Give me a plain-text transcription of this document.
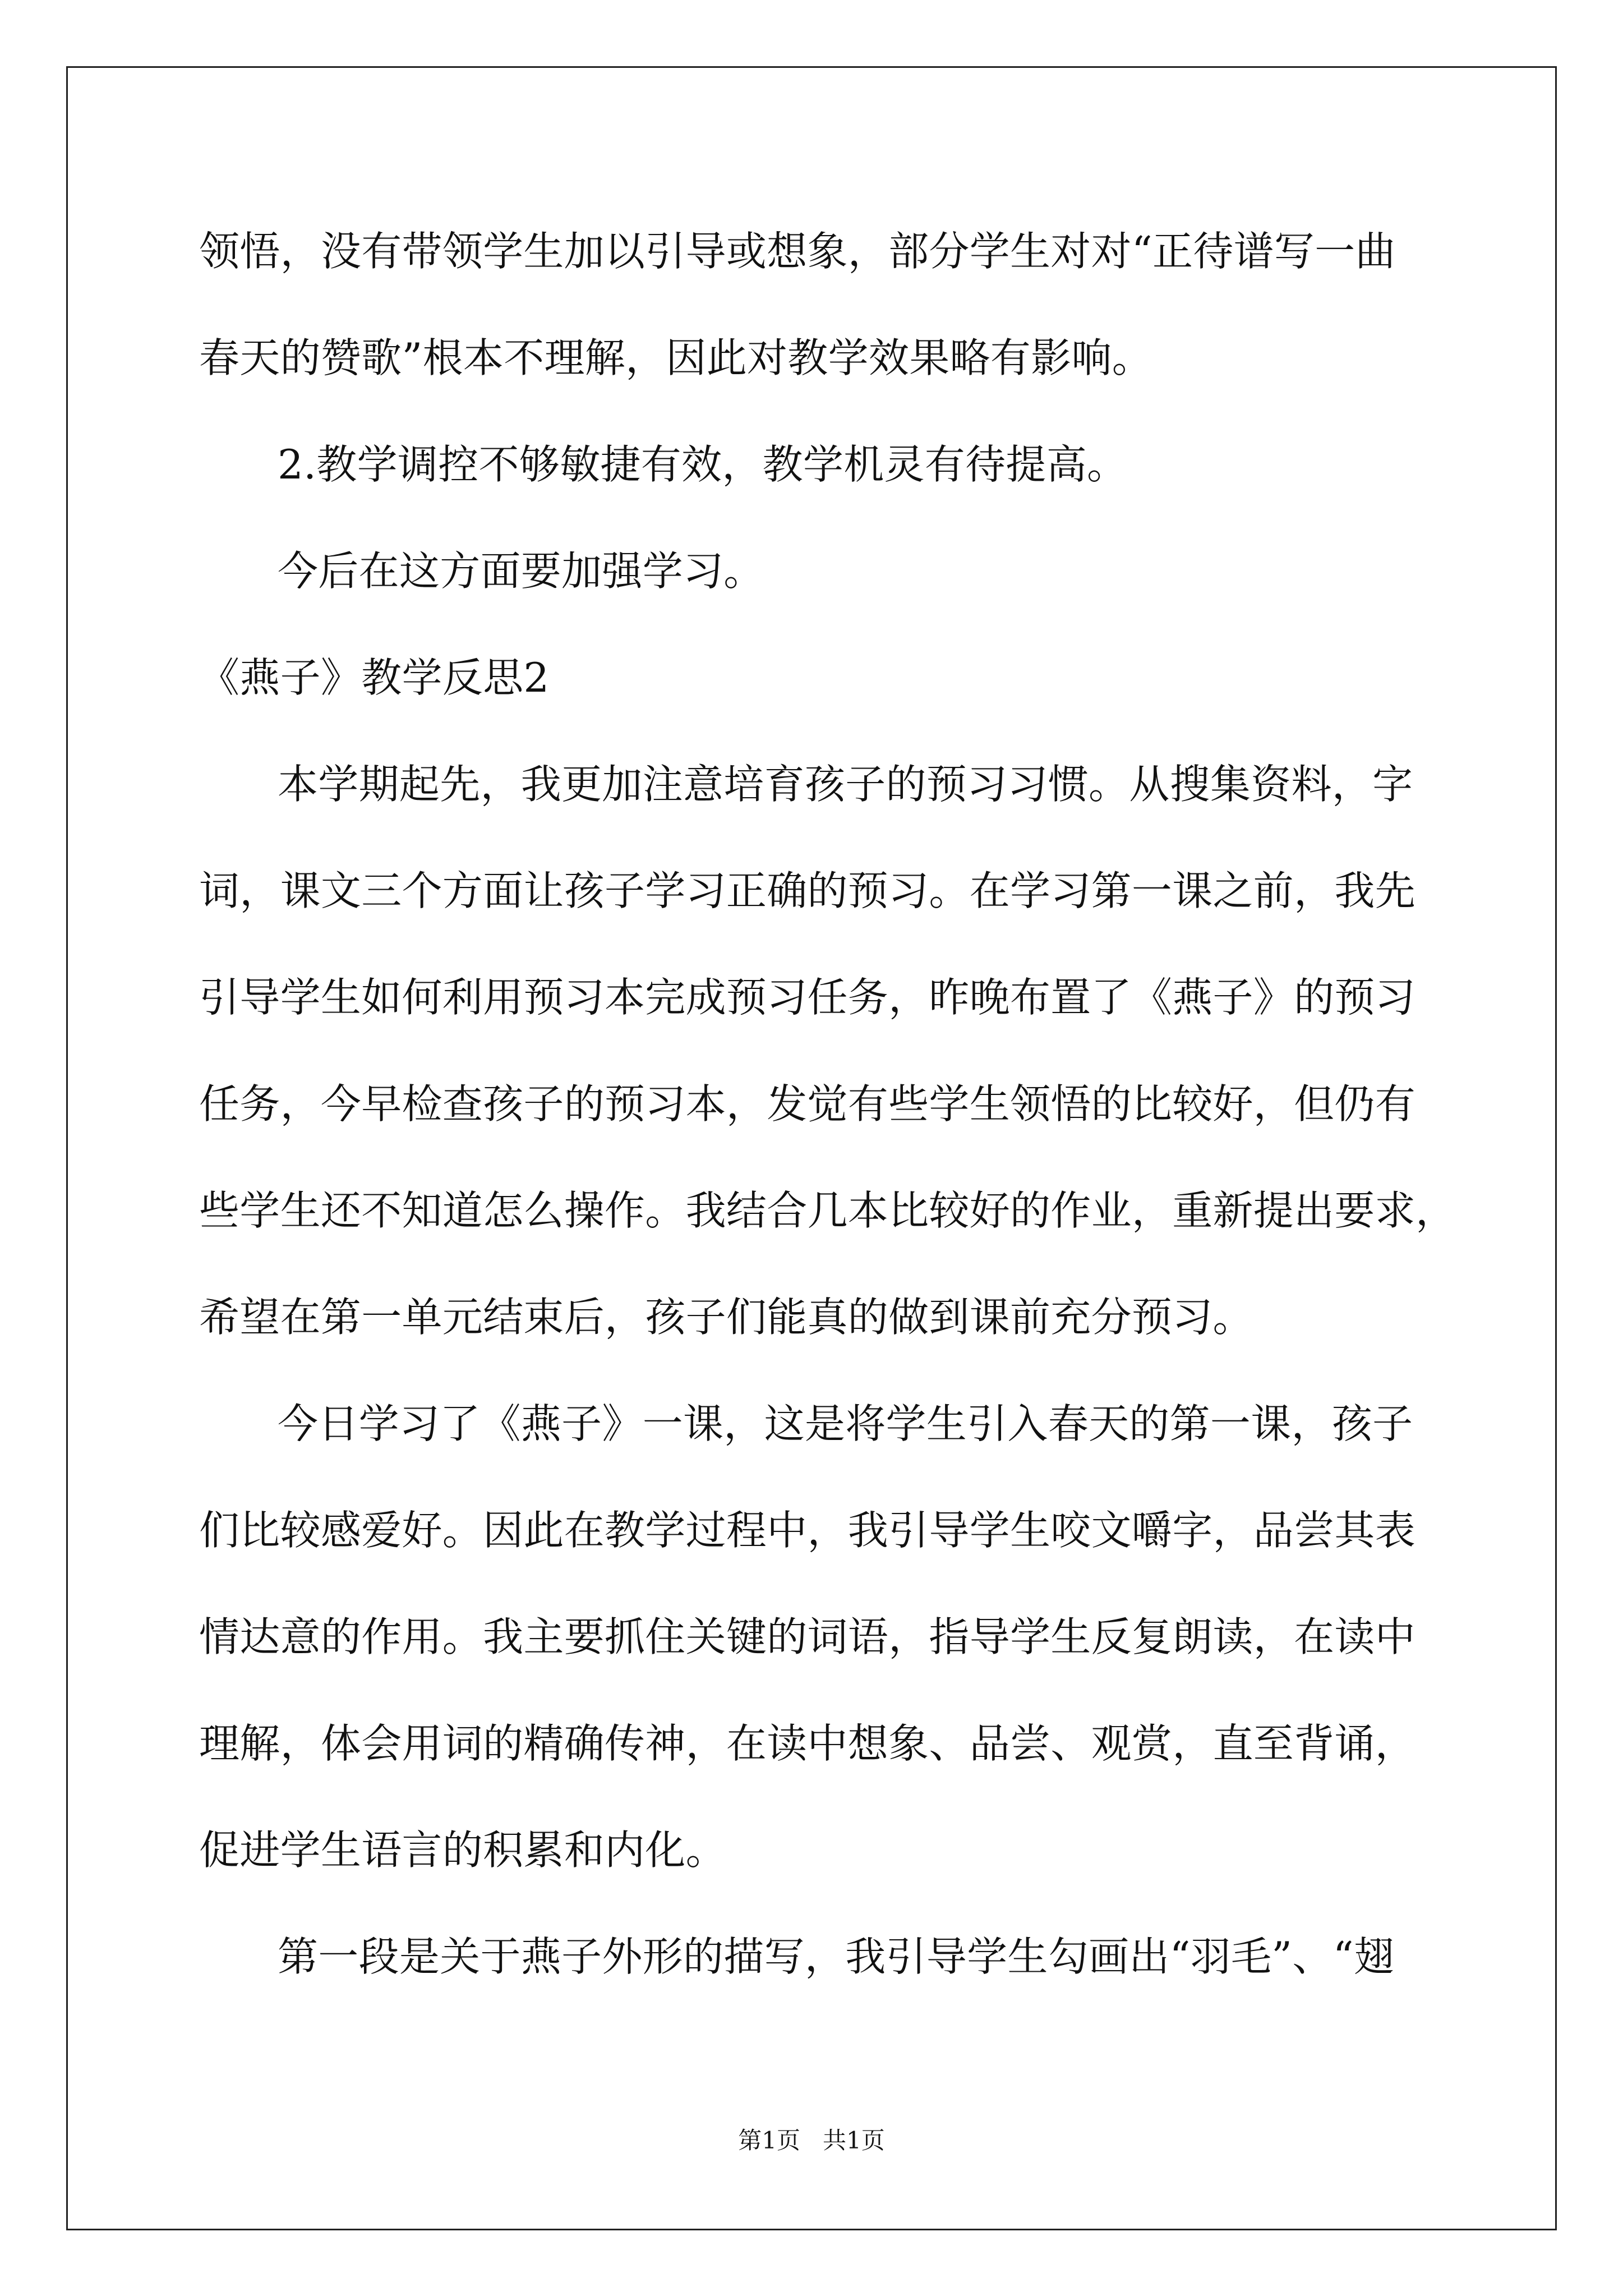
领悟，没有带领学生加以引导或想象，部分学生对对“正待谱写一曲
春天的赞歌”根本不理解，因此对教学效果略有影响。
2.教学调控不够敏捷有效，教学机灵有待提高。
今后在这方面要加强学习。
《燕子》教学反思2
本学期起先，我更加注意培育孩子的预习习惯。从搜集资料，字
词，课文三个方面让孩子学习正确的预习。在学习第一课之前，我先
引导学生如何利用预习本完成预习任务，昨晚布置了《燕子》的预习
任务，今早检查孩子的预习本，发觉有些学生领悟的比较好，但仍有
些学生还不知道怎么操作。我结合几本比较好的作业，重新提出要求，
希望在第一单元结束后，孩子们能真的做到课前充分预习。
今日学习了《燕子》一课，这是将学生引入春天的第一课，孩子
们比较感爱好。因此在教学过程中，我引导学生咬文嚼字，品尝其表
情达意的作用。我主要抓住关键的词语，指导学生反复朗读，在读中
理解，体会用词的精确传神，在读中想象、品尝、观赏，直至背诵，
促进学生语言的积累和内化。
第一段是关于燕子外形的描写，我引导学生勾画出“羽毛”、“翅
第1页 共1页
